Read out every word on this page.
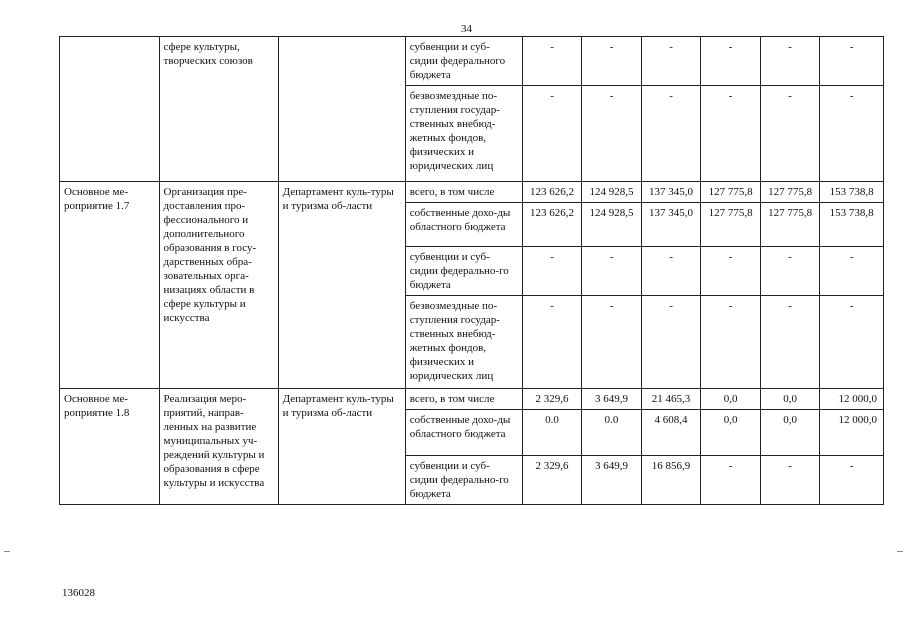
34
	сфере культуры, творческих союзов		субвенции и суб-сидии федерального бюджета	-	-	-	-	-	-
			безвозмездные по-ступления государ-ственных внебюд-жетных фондов, физических и юридических лиц	-	-	-	-	-	-
Основное ме-роприятие 1.7	Организация пре-доставления про-фессионального и дополнительного образования в госу-дарственных обра-зовательных орга-низациях области в сфере культуры и искусства	Департамент куль-туры и туризма об-ласти	всего, в том числе	123 626,2	124 928,5	137 345,0	127 775,8	127 775,8	153 738,8
			собственные дохо-ды областного бюджета	123 626,2	124 928,5	137 345,0	127 775,8	127 775,8	153 738,8
			субвенции и суб-сидии федерально-го бюджета	-	-	-	-	-	-
			безвозмездные по-ступления государ-ственных внебюд-жетных фондов, физических и юридических лиц	-	-	-	-	-	-
Основное ме-роприятие 1.8	Реализация меро-приятий, направ-ленных на развитие муниципальных уч-реждений культуры и образования в сфере культуры и искусства	Департамент куль-туры и туризма об-ласти	всего, в том числе	2 329,6	3 649,9	21 465,3	0,0	0,0	12 000,0
			собственные дохо-ды областного бюджета	0.0	0.0	4 608,4	0,0	0,0	12 000,0
			субвенции и суб-сидии федерально-го бюджета	2 329,6	3 649,9	16 856,9	-	-	-
136028
